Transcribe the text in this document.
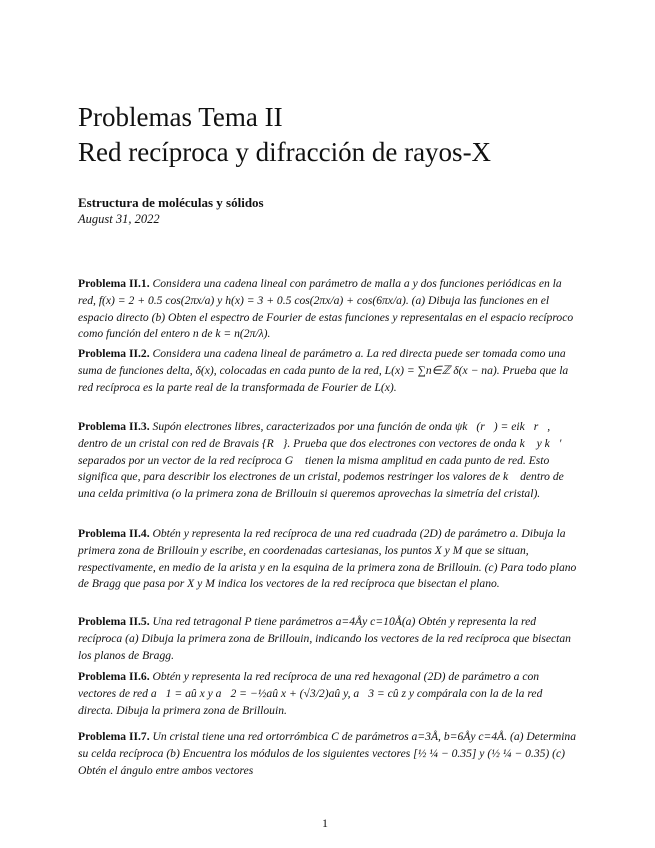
Problemas Tema II
Red recíproca y difracción de rayos-X
Estructura de moléculas y sólidos
August 31, 2022

Problema II.1. Considera una cadena lineal con parámetro de malla a y dos funciones periódicas en la red, f(x) = 2 + 0.5 cos(2πx/a) y h(x) = 3 + 0.5 cos(2πx/a) + cos(6πx/a). (a) Dibuja las funciones en el espacio directo (b) Obten el espectro de Fourier de estas funciones y representalas en el espacio recíproco como función del entero n de k = n(2π/λ).

Problema II.2. Considera una cadena lineal de parámetro a. La red directa puede ser tomada como una suma de funciones delta, δ(x), colocadas en cada punto de la red, L(x) = ∑n∈ℤ δ(x − na). Prueba que la red recíproca es la parte real de la transformada de Fourier de L(x).

Problema II.3. Supón electrones libres, caracterizados por una función de onda ψk⃗(r⃗) = eik⃗r⃗, dentro de un cristal con red de Bravais {R⃗}. Prueba que dos electrones con vectores de onda k⃗ y k⃗′ separados por un vector de la red recíproca G⃗ tienen la misma amplitud en cada punto de red. Esto significa que, para describir los electrones de un cristal, podemos restringer los valores de k⃗ dentro de una celda primitiva (o la primera zona de Brillouin si queremos aprovechas la simetría del cristal).

Problema II.4. Obtén y representa la red recíproca de una red cuadrada (2D) de parámetro a. Dibuja la primera zona de Brillouin y escribe, en coordenadas cartesianas, los puntos X y M que se situan, respectivamente, en medio de la arista y en la esquina de la primera zona de Brillouin. (c) Para todo plano de Bragg que pasa por X y M indica los vectores de la red recíproca que bisectan el plano.

Problema II.5. Una red tetragonal P tiene parámetros a=4Åy c=10Å(a) Obtén y representa la red recíproca (a) Dibuja la primera zona de Brillouin, indicando los vectores de la red recíproca que bisectan los planos de Bragg.

Problema II.6. Obtén y representa la red recíproca de una red hexagonal (2D) de parámetro a con vectores de red a⃗1 = aû x y a⃗2 = −½aû x + (√3/2)aû y, a⃗3 = cû z y compárala con la de la red directa. Dibuja la primera zona de Brillouin.

Problema II.7. Un cristal tiene una red ortorrómbica C de parámetros a=3Å, b=6Åy c=4Å. (a) Determina su celda recíproca (b) Encuentra los módulos de los siguientes vectores [½ ¼ − 0.35] y (½ ¼ − 0.35) (c) Obtén el ángulo entre ambos vectores

1
